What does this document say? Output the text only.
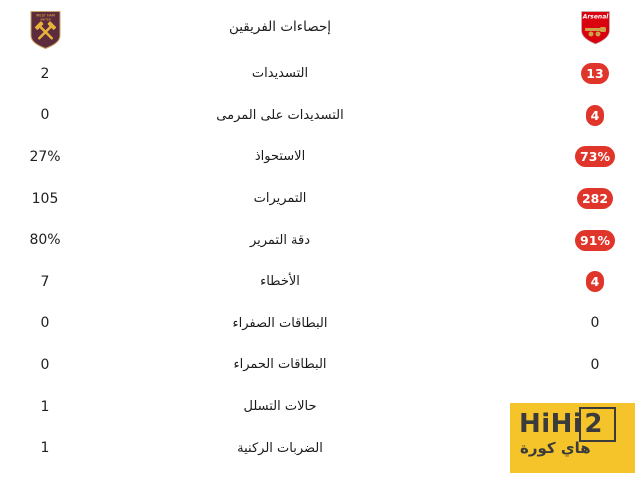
Arsenal
إحصاءات الفريقين
WEST HAM
UNITED
13
التسديدات
2
4
التسديدات على المرمى
0
73%
الاستحواذ
27%
282
التمريرات
105
91%
دقة التمرير
80%
4
الأخطاء
7
0
البطاقات الصفراء
0
0
البطاقات الحمراء
0
حالات التسلل
1
الضربات الركنية
1
HiHi 2
هاي كورة
